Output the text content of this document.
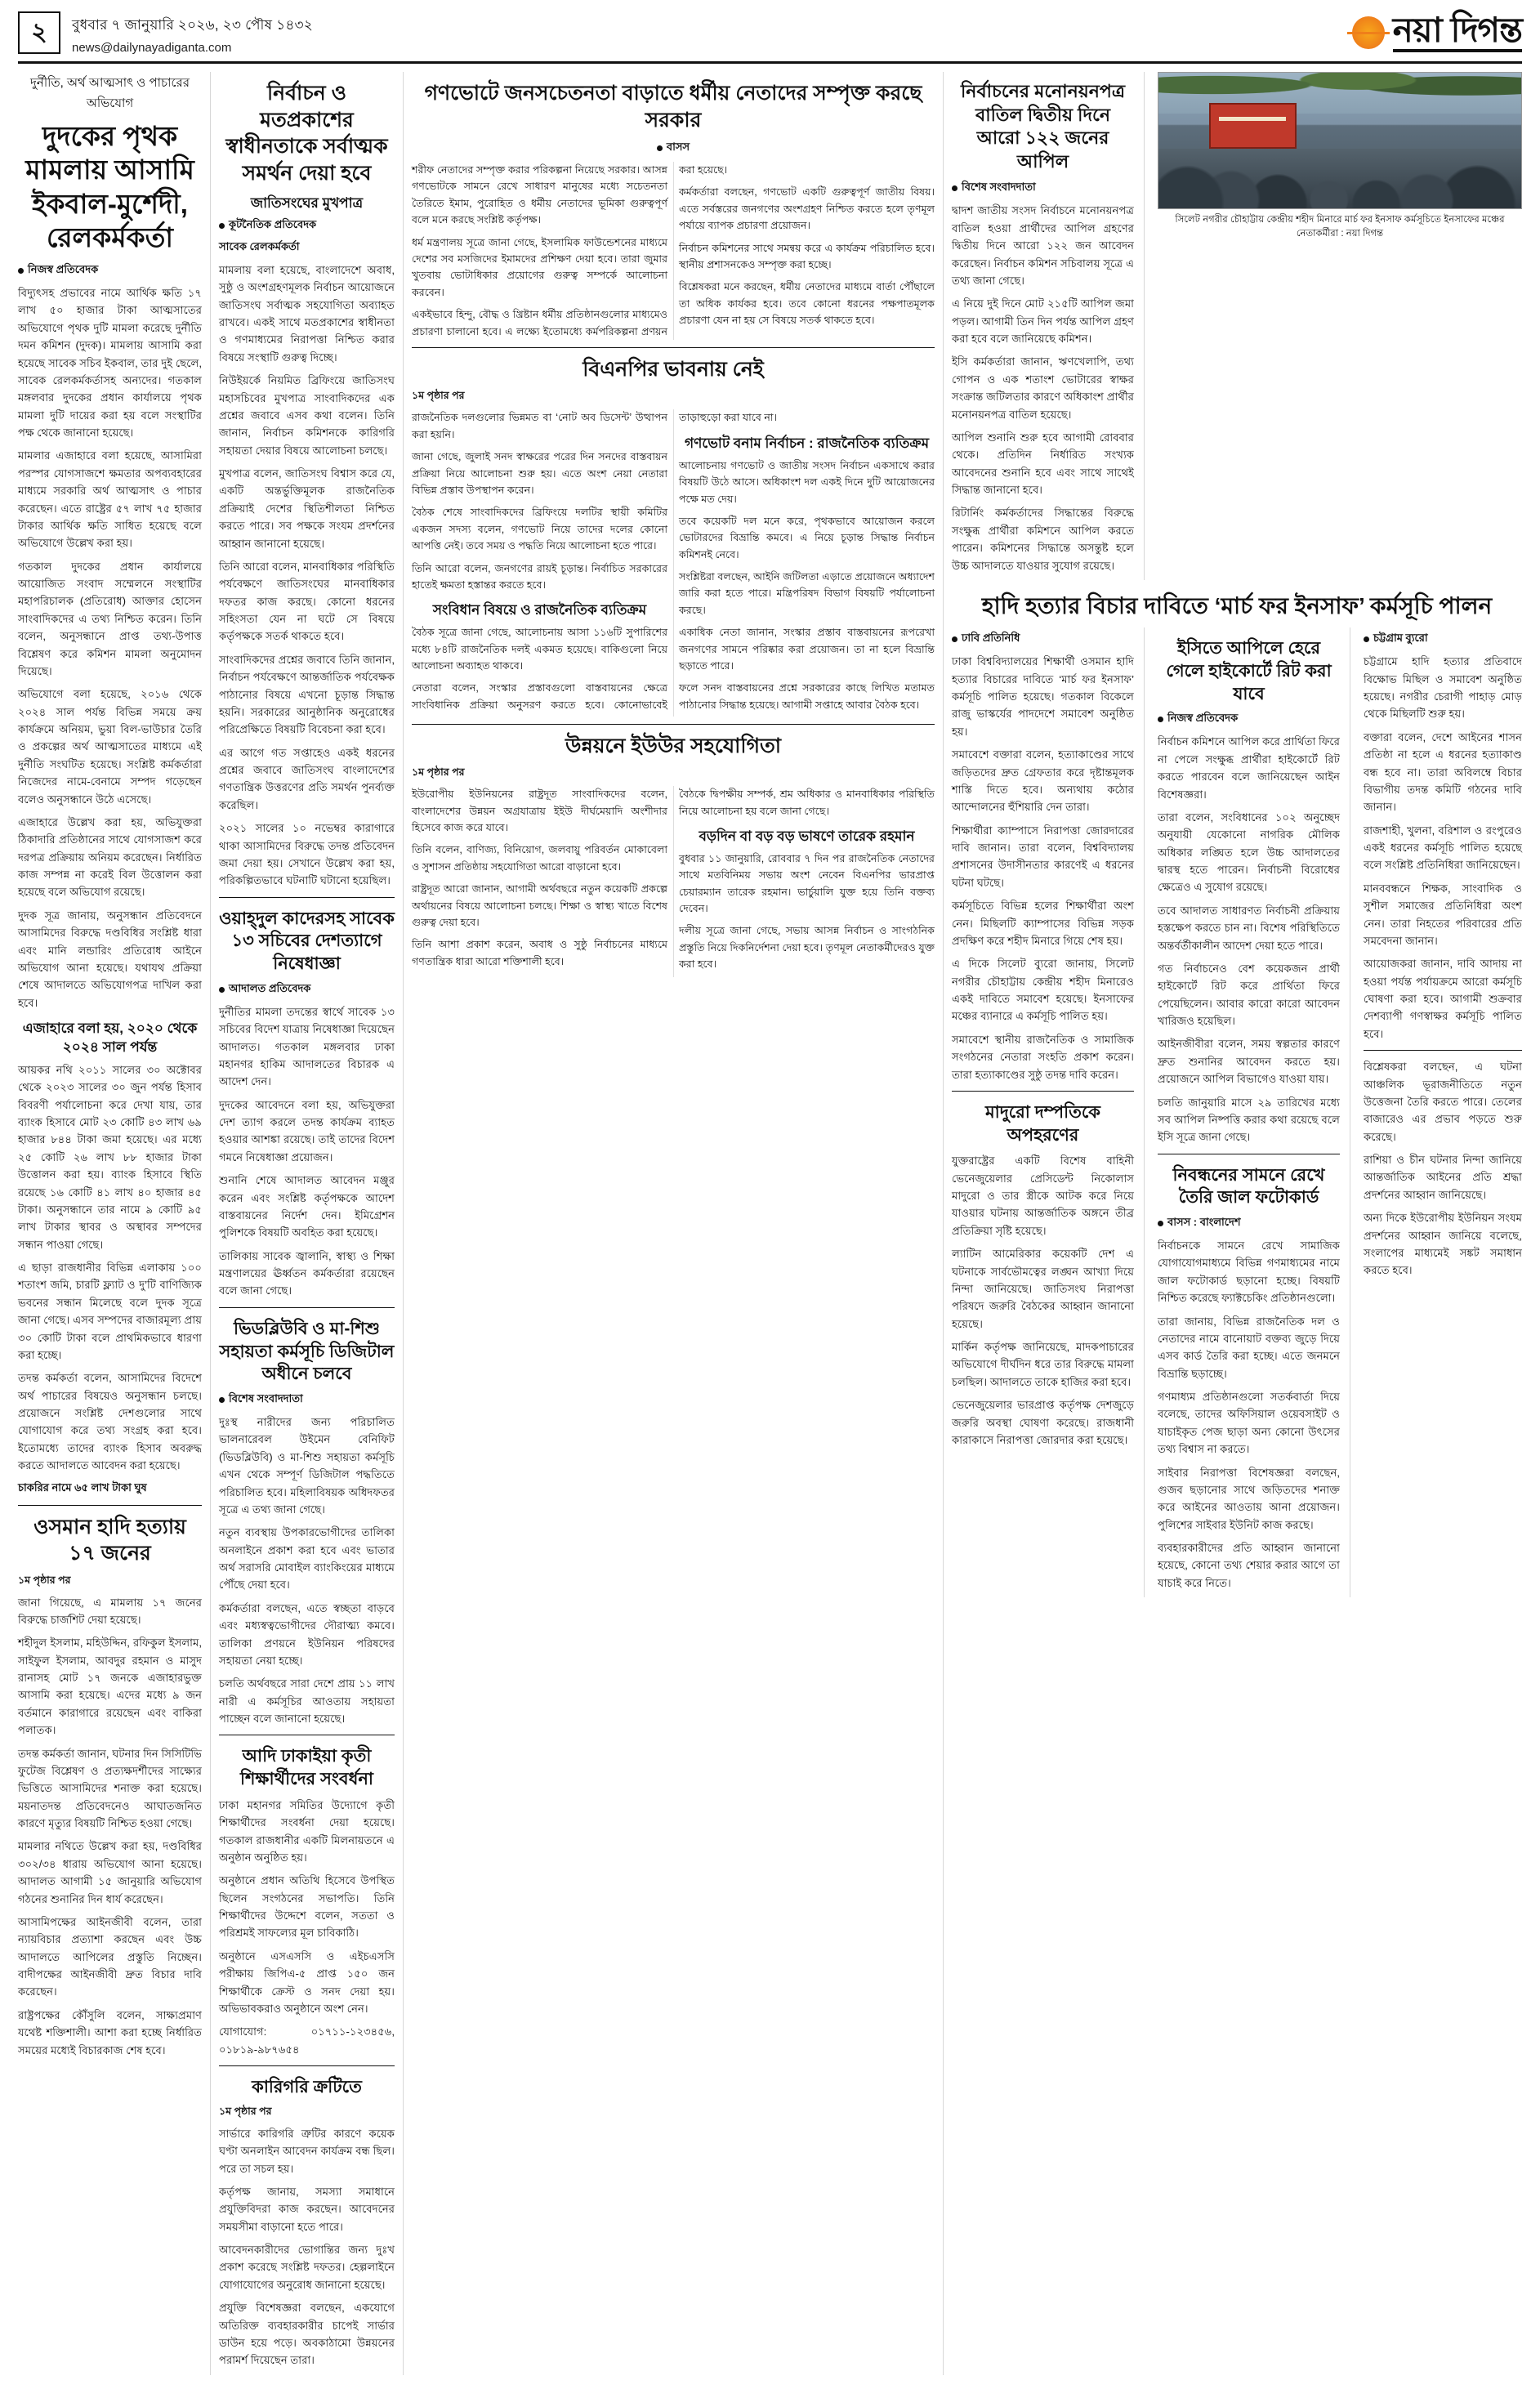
২	বুধবার ৭ জানুয়ারি ২০২৬, ২৩ পৌষ ১৪৩২
news@dailynayadiganta.com	নয়া দিগন্ত
দুর্নীতি, অর্থ আত্মসাৎ ও পাচারের অভিযোগ
দুদকের পৃথক মামলায় আসামি ইকবাল-মুর্শেদী, রেলকর্মকর্তা
নিজস্ব প্রতিবেদক

বিদ্যুৎসহ প্রভাবের নামে আর্থিক ক্ষতি ১৭ লাখ ৫০ হাজার টাকা আত্মসাতের অভিযোগে পৃথক দুটি মামলা করেছে দুর্নীতি দমন কমিশন (দুদক)। মামলায় আসামি করা হয়েছে সাবেক সচিব ইকবাল, তার দুই ছেলে, সাবেক রেলকর্মকর্তাসহ অন্যদের। গতকাল মঙ্গলবার দুদকের প্রধান কার্যালয়ে পৃথক মামলা দুটি দায়ের করা হয় বলে সংস্থাটির পক্ষ থেকে জানানো হয়েছে।

মামলার এজাহারে বলা হয়েছে, আসামিরা পরস্পর যোগসাজশে ক্ষমতার অপব্যবহারের মাধ্যমে সরকারি অর্থ আত্মসাৎ ও পাচার করেছেন। এতে রাষ্ট্রের ৫৭ লাখ ৭৫ হাজার টাকার আর্থিক ক্ষতি সাধিত হয়েছে বলে অভিযোগে উল্লেখ করা হয়।

গতকাল দুদকের প্রধান কার্যালয়ে আয়োজিত সংবাদ সম্মেলনে সংস্থাটির মহাপরিচালক (প্রতিরোধ) আক্তার হোসেন সাংবাদিকদের এ তথ্য নিশ্চিত করেন। তিনি বলেন, অনুসন্ধানে প্রাপ্ত তথ্য-উপাত্ত বিশ্লেষণ করে কমিশন মামলা অনুমোদন দিয়েছে।

অভিযোগে বলা হয়েছে, ২০১৬ থেকে ২০২৪ সাল পর্যন্ত বিভিন্ন সময়ে ক্রয় কার্যক্রমে অনিয়ম, ভুয়া বিল-ভাউচার তৈরি ও প্রকল্পের অর্থ আত্মসাতের মাধ্যমে এই দুর্নীতি সংঘটিত হয়েছে। সংশ্লিষ্ট কর্মকর্তারা নিজেদের নামে-বেনামে সম্পদ গড়েছেন বলেও অনুসন্ধানে উঠে এসেছে।

এজাহারে উল্লেখ করা হয়, অভিযুক্তরা ঠিকাদারি প্রতিষ্ঠানের সাথে যোগসাজশ করে দরপত্র প্রক্রিয়ায় অনিয়ম করেছেন। নির্ধারিত কাজ সম্পন্ন না করেই বিল উত্তোলন করা হয়েছে বলে অভিযোগ রয়েছে।

দুদক সূত্র জানায়, অনুসন্ধান প্রতিবেদনে আসামিদের বিরুদ্ধে দণ্ডবিধির সংশ্লিষ্ট ধারা এবং মানি লন্ডারিং প্রতিরোধ আইনে অভিযোগ আনা হয়েছে। যথাযথ প্রক্রিয়া শেষে আদালতে অভিযোগপত্র দাখিল করা হবে।

এজাহারে বলা হয়, ২০২০ থেকে ২০২৪ সাল পর্যন্ত

আয়কর নথি ২০১১ সালের ৩০ অক্টোবর থেকে ২০২৩ সালের ৩০ জুন পর্যন্ত হিসাব বিবরণী পর্যালোচনা করে দেখা যায়, তার ব্যাংক হিসাবে মোট ২৩ কোটি ৪৩ লাখ ৬৯ হাজার ৮৪৪ টাকা জমা হয়েছে। এর মধ্যে ২৫ কোটি ২৬ লাখ ৮৮ হাজার টাকা উত্তোলন করা হয়। ব্যাংক হিসাবে স্থিতি রয়েছে ১৬ কোটি ৪১ লাখ ৪০ হাজার ৪৫ টাকা। অনুসন্ধানে তার নামে ৯ কোটি ৯৫ লাখ টাকার স্থাবর ও অস্থাবর সম্পদের সন্ধান পাওয়া গেছে।

এ ছাড়া রাজধানীর বিভিন্ন এলাকায় ১০০ শতাংশ জমি, চারটি ফ্ল্যাট ও দু’টি বাণিজ্যিক ভবনের সন্ধান মিলেছে বলে দুদক সূত্রে জানা গেছে। এসব সম্পদের বাজারমূল্য প্রায় ৩০ কোটি টাকা বলে প্রাথমিকভাবে ধারণা করা হচ্ছে।

তদন্ত কর্মকর্তা বলেন, আসামিদের বিদেশে অর্থ পাচারের বিষয়েও অনুসন্ধান চলছে। প্রয়োজনে সংশ্লিষ্ট দেশগুলোর সাথে যোগাযোগ করে তথ্য সংগ্রহ করা হবে। ইতোমধ্যে তাদের ব্যাংক হিসাব অবরুদ্ধ করতে আদালতে আবেদন করা হয়েছে।

চাকরির নামে ৬৫ লাখ টাকা ঘুষ
ওসমান হাদি হত্যায় ১৭ জনের
১ম পৃষ্ঠার পর

জানা গিয়েছে, এ মামলায় ১৭ জনের বিরুদ্ধে চার্জশিট দেয়া হয়েছে।

শহীদুল ইসলাম, মহিউদ্দিন, রফিকুল ইসলাম, সাইফুল ইসলাম, আবদুর রহমান ও মাসুদ রানাসহ মোট ১৭ জনকে এজাহারভুক্ত আসামি করা হয়েছে। এদের মধ্যে ৯ জন বর্তমানে কারাগারে রয়েছেন এবং বাকিরা পলাতক।

তদন্ত কর্মকর্তা জানান, ঘটনার দিন সিসিটিভি ফুটেজ বিশ্লেষণ ও প্রত্যক্ষদর্শীদের সাক্ষ্যের ভিত্তিতে আসামিদের শনাক্ত করা হয়েছে। ময়নাতদন্ত প্রতিবেদনেও আঘাতজনিত কারণে মৃত্যুর বিষয়টি নিশ্চিত হওয়া গেছে।

মামলার নথিতে উল্লেখ করা হয়, দণ্ডবিধির ৩০২/৩৪ ধারায় অভিযোগ আনা হয়েছে। আদালত আগামী ১৫ জানুয়ারি অভিযোগ গঠনের শুনানির দিন ধার্য করেছেন।

আসামিপক্ষের আইনজীবী বলেন, তারা ন্যায়বিচার প্রত্যাশা করছেন এবং উচ্চ আদালতে আপিলের প্রস্তুতি নিচ্ছেন। বাদীপক্ষের আইনজীবী দ্রুত বিচার দাবি করেছেন।

রাষ্ট্রপক্ষের কৌঁসুলি বলেন, সাক্ষ্যপ্রমাণ যথেষ্ট শক্তিশালী। আশা করা হচ্ছে নির্ধারিত সময়ের মধ্যেই বিচারকাজ শেষ হবে।

নির্বাচন ও মতপ্রকাশের স্বাধীনতাকে সর্বাত্মক সমর্থন দেয়া হবে
জাতিসংঘের মুখপাত্র
কূটনৈতিক প্রতিবেদক
সাবেক রেলকর্মকর্তা

মামলায় বলা হয়েছে, বাংলাদেশে অবাধ, সুষ্ঠু ও অংশগ্রহণমূলক নির্বাচন আয়োজনে জাতিসংঘ সর্বাত্মক সহযোগিতা অব্যাহত রাখবে। একই সাথে মতপ্রকাশের স্বাধীনতা ও গণমাধ্যমের নিরাপত্তা নিশ্চিত করার বিষয়ে সংস্থাটি গুরুত্ব দিচ্ছে।

নিউইয়র্কে নিয়মিত ব্রিফিংয়ে জাতিসংঘ মহাসচিবের মুখপাত্র সাংবাদিকদের এক প্রশ্নের জবাবে এসব কথা বলেন। তিনি জানান, নির্বাচন কমিশনকে কারিগরি সহায়তা দেয়ার বিষয়ে আলোচনা চলছে।

মুখপাত্র বলেন, জাতিসংঘ বিশ্বাস করে যে, একটি অন্তর্ভুক্তিমূলক রাজনৈতিক প্রক্রিয়াই দেশের স্থিতিশীলতা নিশ্চিত করতে পারে। সব পক্ষকে সংযম প্রদর্শনের আহ্বান জানানো হয়েছে।

তিনি আরো বলেন, মানবাধিকার পরিস্থিতি পর্যবেক্ষণে জাতিসংঘের মানবাধিকার দফতর কাজ করছে। কোনো ধরনের সহিংসতা যেন না ঘটে সে বিষয়ে কর্তৃপক্ষকে সতর্ক থাকতে হবে।

সাংবাদিকদের প্রশ্নের জবাবে তিনি জানান, নির্বাচন পর্যবেক্ষণে আন্তর্জাতিক পর্যবেক্ষক পাঠানোর বিষয়ে এখনো চূড়ান্ত সিদ্ধান্ত হয়নি। সরকারের আনুষ্ঠানিক অনুরোধের পরিপ্রেক্ষিতে বিষয়টি বিবেচনা করা হবে।

এর আগে গত সপ্তাহেও একই ধরনের প্রশ্নের জবাবে জাতিসংঘ বাংলাদেশের গণতান্ত্রিক উত্তরণের প্রতি সমর্থন পুনর্ব্যক্ত করেছিল।

২০২১ সালের ১০ নভেম্বর কারাগারে থাকা আসামিদের বিরুদ্ধে তদন্ত প্রতিবেদন জমা দেয়া হয়। সেখানে উল্লেখ করা হয়, পরিকল্পিতভাবে ঘটনাটি ঘটানো হয়েছিল।

ওয়াহ্‌দুল কাদেরসহ সাবেক ১৩ সচিবের দেশত্যাগে নিষেধাজ্ঞা
আদালত প্রতিবেদক

দুর্নীতির মামলা তদন্তের স্বার্থে সাবেক ১৩ সচিবের বিদেশ যাত্রায় নিষেধাজ্ঞা দিয়েছেন আদালত। গতকাল মঙ্গলবার ঢাকা মহানগর হাকিম আদালতের বিচারক এ আদেশ দেন।

দুদকের আবেদনে বলা হয়, অভিযুক্তরা দেশ ত্যাগ করলে তদন্ত কার্যক্রম ব্যাহত হওয়ার আশঙ্কা রয়েছে। তাই তাদের বিদেশ গমনে নিষেধাজ্ঞা প্রয়োজন।

শুনানি শেষে আদালত আবেদন মঞ্জুর করেন এবং সংশ্লিষ্ট কর্তৃপক্ষকে আদেশ বাস্তবায়নের নির্দেশ দেন। ইমিগ্রেশন পুলিশকে বিষয়টি অবহিত করা হয়েছে।

তালিকায় সাবেক জ্বালানি, স্বাস্থ্য ও শিক্ষা মন্ত্রণালয়ের ঊর্ধ্বতন কর্মকর্তারা রয়েছেন বলে জানা গেছে।

ভিডব্লিউবি ও মা-শিশু সহায়তা কর্মসূচি ডিজিটাল অধীনে চলবে
বিশেষ সংবাদদাতা

দুঃস্থ নারীদের জন্য পরিচালিত ভালনারেবল উইমেন বেনিফিট (ভিডব্লিউবি) ও মা-শিশু সহায়তা কর্মসূচি এখন থেকে সম্পূর্ণ ডিজিটাল পদ্ধতিতে পরিচালিত হবে। মহিলাবিষয়ক অধিদফতর সূত্রে এ তথ্য জানা গেছে।

নতুন ব্যবস্থায় উপকারভোগীদের তালিকা অনলাইনে প্রকাশ করা হবে এবং ভাতার অর্থ সরাসরি মোবাইল ব্যাংকিংয়ের মাধ্যমে পৌঁছে দেয়া হবে।

কর্মকর্তারা বলছেন, এতে স্বচ্ছতা বাড়বে এবং মধ্যস্বত্বভোগীদের দৌরাত্ম্য কমবে। তালিকা প্রণয়নে ইউনিয়ন পরিষদের সহায়তা নেয়া হচ্ছে।

চলতি অর্থবছরে সারা দেশে প্রায় ১১ লাখ নারী এ কর্মসূচির আওতায় সহায়তা পাচ্ছেন বলে জানানো হয়েছে।

আদি ঢাকাইয়া কৃতী শিক্ষার্থীদের সংবর্ধনা

ঢাকা মহানগর সমিতির উদ্যোগে কৃতী শিক্ষার্থীদের সংবর্ধনা দেয়া হয়েছে। গতকাল রাজধানীর একটি মিলনায়তনে এ অনুষ্ঠান অনুষ্ঠিত হয়।

অনুষ্ঠানে প্রধান অতিথি হিসেবে উপস্থিত ছিলেন সংগঠনের সভাপতি। তিনি শিক্ষার্থীদের উদ্দেশে বলেন, সততা ও পরিশ্রমই সাফল্যের মূল চাবিকাঠি।

অনুষ্ঠানে এসএসসি ও এইচএসসি পরীক্ষায় জিপিএ-৫ প্রাপ্ত ১৫০ জন শিক্ষার্থীকে ক্রেস্ট ও সনদ দেয়া হয়। অভিভাবকরাও অনুষ্ঠানে অংশ নেন।

যোগাযোগ: ০১৭১১-১২৩৪৫৬, ০১৮১৯-৯৮৭৬৫৪

কারিগরি ক্রটিতে
১ম পৃষ্ঠার পর

সার্ভারে কারিগরি ত্রুটির কারণে কয়েক ঘণ্টা অনলাইন আবেদন কার্যক্রম বন্ধ ছিল। পরে তা সচল হয়।

কর্তৃপক্ষ জানায়, সমস্যা সমাধানে প্রযুক্তিবিদরা কাজ করছেন। আবেদনের সময়সীমা বাড়ানো হতে পারে।

আবেদনকারীদের ভোগান্তির জন্য দুঃখ প্রকাশ করেছে সংশ্লিষ্ট দফতর। হেল্পলাইনে যোগাযোগের অনুরোধ জানানো হয়েছে।

প্রযুক্তি বিশেষজ্ঞরা বলছেন, একযোগে অতিরিক্ত ব্যবহারকারীর চাপেই সার্ভার ডাউন হয়ে পড়ে। অবকাঠামো উন্নয়নের পরামর্শ দিয়েছেন তারা।

গণভোটে জনসচেতনতা বাড়াতে ধর্মীয় নেতাদের সম্পৃক্ত করছে সরকার
বাসস

শরীফ নেতাদের সম্পৃক্ত করার পরিকল্পনা নিয়েছে সরকার। আসন্ন গণভোটকে সামনে রেখে সাধারণ মানুষের মধ্যে সচেতনতা তৈরিতে ইমাম, পুরোহিত ও ধর্মীয় নেতাদের ভূমিকা গুরুত্বপূর্ণ বলে মনে করছে সংশ্লিষ্ট কর্তৃপক্ষ।

ধর্ম মন্ত্রণালয় সূত্রে জানা গেছে, ইসলামিক ফাউন্ডেশনের মাধ্যমে দেশের সব মসজিদের ইমামদের প্রশিক্ষণ দেয়া হবে। তারা জুমার খুতবায় ভোটাধিকার প্রয়োগের গুরুত্ব সম্পর্কে আলোচনা করবেন।

একইভাবে হিন্দু, বৌদ্ধ ও খ্রিষ্টান ধর্মীয় প্রতিষ্ঠানগুলোর মাধ্যমেও প্রচারণা চালানো হবে। এ লক্ষ্যে ইতোমধ্যে কর্মপরিকল্পনা প্রণয়ন করা হয়েছে।

কর্মকর্তারা বলছেন, গণভোট একটি গুরুত্বপূর্ণ জাতীয় বিষয়। এতে সর্বস্তরের জনগণের অংশগ্রহণ নিশ্চিত করতে হলে তৃণমূল পর্যায়ে ব্যাপক প্রচারণা প্রয়োজন।

নির্বাচন কমিশনের সাথে সমন্বয় করে এ কার্যক্রম পরিচালিত হবে। স্থানীয় প্রশাসনকেও সম্পৃক্ত করা হচ্ছে।

বিশ্লেষকরা মনে করছেন, ধর্মীয় নেতাদের মাধ্যমে বার্তা পৌঁছালে তা অধিক কার্যকর হবে। তবে কোনো ধরনের পক্ষপাতমূলক প্রচারণা যেন না হয় সে বিষয়ে সতর্ক থাকতে হবে।

বিএনপির ভাবনায় নেই
১ম পৃষ্ঠার পর

রাজনৈতিক দলগুলোর ভিন্নমত বা ‘নোট অব ডিসেন্ট’ উত্থাপন করা হয়নি।

জানা গেছে, জুলাই সনদ স্বাক্ষরের পরের দিন সনদের বাস্তবায়ন প্রক্রিয়া নিয়ে আলোচনা শুরু হয়। এতে অংশ নেয়া নেতারা বিভিন্ন প্রস্তাব উপস্থাপন করেন।

বৈঠক শেষে সাংবাদিকদের ব্রিফিংয়ে দলটির স্থায়ী কমিটির একজন সদস্য বলেন, গণভোট নিয়ে তাদের দলের কোনো আপত্তি নেই। তবে সময় ও পদ্ধতি নিয়ে আলোচনা হতে পারে।

তিনি আরো বলেন, জনগণের রায়ই চূড়ান্ত। নির্বাচিত সরকারের হাতেই ক্ষমতা হস্তান্তর করতে হবে।

সংবিধান বিষয়ে ও রাজনৈতিক ব্যতিক্রম

বৈঠক সূত্রে জানা গেছে, আলোচনায় আসা ১১৬টি সুপারিশের মধ্যে ৮৪টি রাজনৈতিক দলই একমত হয়েছে। বাকিগুলো নিয়ে আলোচনা অব্যাহত থাকবে।

নেতারা বলেন, সংস্কার প্রস্তাবগুলো বাস্তবায়নের ক্ষেত্রে সাংবিধানিক প্রক্রিয়া অনুসরণ করতে হবে। কোনোভাবেই তাড়াহুড়ো করা যাবে না।

গণভোট বনাম নির্বাচন : রাজনৈতিক ব্যতিক্রম

আলোচনায় গণভোট ও জাতীয় সংসদ নির্বাচন একসাথে করার বিষয়টি উঠে আসে। অধিকাংশ দল একই দিনে দুটি আয়োজনের পক্ষে মত দেয়।

তবে কয়েকটি দল মনে করে, পৃথকভাবে আয়োজন করলে ভোটারদের বিভ্রান্তি কমবে। এ নিয়ে চূড়ান্ত সিদ্ধান্ত নির্বাচন কমিশনই নেবে।

সংশ্লিষ্টরা বলছেন, আইনি জটিলতা এড়াতে প্রয়োজনে অধ্যাদেশ জারি করা হতে পারে। মন্ত্রিপরিষদ বিভাগ বিষয়টি পর্যালোচনা করছে।

একাধিক নেতা জানান, সংস্কার প্রস্তাব বাস্তবায়নের রূপরেখা জনগণের সামনে পরিষ্কার করা প্রয়োজন। তা না হলে বিভ্রান্তি ছড়াতে পারে।

ফলে সনদ বাস্তবায়নের প্রশ্নে সরকারের কাছে লিখিত মতামত পাঠানোর সিদ্ধান্ত হয়েছে। আগামী সপ্তাহে আবার বৈঠক হবে।

উন্নয়নে ইউউর সহযোগিতা
১ম পৃষ্ঠার পর

ইউরোপীয় ইউনিয়নের রাষ্ট্রদূত সাংবাদিকদের বলেন, বাংলাদেশের উন্নয়ন অগ্রযাত্রায় ইইউ দীর্ঘমেয়াদি অংশীদার হিসেবে কাজ করে যাবে।

তিনি বলেন, বাণিজ্য, বিনিয়োগ, জলবায়ু পরিবর্তন মোকাবেলা ও সুশাসন প্রতিষ্ঠায় সহযোগিতা আরো বাড়ানো হবে।

রাষ্ট্রদূত আরো জানান, আগামী অর্থবছরে নতুন কয়েকটি প্রকল্পে অর্থায়নের বিষয়ে আলোচনা চলছে। শিক্ষা ও স্বাস্থ্য খাতে বিশেষ গুরুত্ব দেয়া হবে।

তিনি আশা প্রকাশ করেন, অবাধ ও সুষ্ঠু নির্বাচনের মাধ্যমে গণতান্ত্রিক ধারা আরো শক্তিশালী হবে।

বৈঠকে দ্বিপক্ষীয় সম্পর্ক, শ্রম অধিকার ও মানবাধিকার পরিস্থিতি নিয়ে আলোচনা হয় বলে জানা গেছে।

বড়দিন বা বড় বড় ভাষণে তারেক রহমান

বুধবার ১১ জানুয়ারি, রোববার ৭ দিন পর রাজনৈতিক নেতাদের সাথে মতবিনিময় সভায় অংশ নেবেন বিএনপির ভারপ্রাপ্ত চেয়ারম্যান তারেক রহমান। ভার্চুয়ালি যুক্ত হয়ে তিনি বক্তব্য দেবেন।

দলীয় সূত্রে জানা গেছে, সভায় আসন্ন নির্বাচন ও সাংগঠনিক প্রস্তুতি নিয়ে দিকনির্দেশনা দেয়া হবে। তৃণমূল নেতাকর্মীদেরও যুক্ত করা হবে।

নির্বাচনের মনোনয়নপত্র বাতিল দ্বিতীয় দিনে আরো ১২২ জনের আপিল
বিশেষ সংবাদদাতা

দ্বাদশ জাতীয় সংসদ নির্বাচনে মনোনয়নপত্র বাতিল হওয়া প্রার্থীদের আপিল গ্রহণের দ্বিতীয় দিনে আরো ১২২ জন আবেদন করেছেন। নির্বাচন কমিশন সচিবালয় সূত্রে এ তথ্য জানা গেছে।

এ নিয়ে দুই দিনে মোট ২১৫টি আপিল জমা পড়ল। আগামী তিন দিন পর্যন্ত আপিল গ্রহণ করা হবে বলে জানিয়েছে কমিশন।

ইসি কর্মকর্তারা জানান, ঋণখেলাপি, তথ্য গোপন ও এক শতাংশ ভোটারের স্বাক্ষর সংক্রান্ত জটিলতার কারণে অধিকাংশ প্রার্থীর মনোনয়নপত্র বাতিল হয়েছে।

আপিল শুনানি শুরু হবে আগামী রোববার থেকে। প্রতিদিন নির্ধারিত সংখ্যক আবেদনের শুনানি হবে এবং সাথে সাথেই সিদ্ধান্ত জানানো হবে।

রিটার্নিং কর্মকর্তাদের সিদ্ধান্তের বিরুদ্ধে সংক্ষুব্ধ প্রার্থীরা কমিশনে আপিল করতে পারেন। কমিশনের সিদ্ধান্তে অসন্তুষ্ট হলে উচ্চ আদালতে যাওয়ার সুযোগ রয়েছে।

সিলেট নগরীর চৌহাট্টায় কেন্দ্রীয় শহীদ মিনারে মার্চ ফর ইনসাফ কর্মসূচিতে ইনসাফের মঞ্চের নেতাকর্মীরা : নয়া দিগন্ত
হাদি হত্যার বিচার দাবিতে ‘মার্চ ফর ইনসাফ’ কর্মসূচি পালন
ঢাবি প্রতিনিধি

ঢাকা বিশ্ববিদ্যালয়ের শিক্ষার্থী ওসমান হাদি হত্যার বিচারের দাবিতে ‘মার্চ ফর ইনসাফ’ কর্মসূচি পালিত হয়েছে। গতকাল বিকেলে রাজু ভাস্কর্যের পাদদেশে সমাবেশ অনুষ্ঠিত হয়।

সমাবেশে বক্তারা বলেন, হত্যাকাণ্ডের সাথে জড়িতদের দ্রুত গ্রেফতার করে দৃষ্টান্তমূলক শাস্তি দিতে হবে। অন্যথায় কঠোর আন্দোলনের হুঁশিয়ারি দেন তারা।

শিক্ষার্থীরা ক্যাম্পাসে নিরাপত্তা জোরদারের দাবি জানান। তারা বলেন, বিশ্ববিদ্যালয় প্রশাসনের উদাসীনতার কারণেই এ ধরনের ঘটনা ঘটছে।

কর্মসূচিতে বিভিন্ন হলের শিক্ষার্থীরা অংশ নেন। মিছিলটি ক্যাম্পাসের বিভিন্ন সড়ক প্রদক্ষিণ করে শহীদ মিনারে গিয়ে শেষ হয়।

এ দিকে সিলেট ব্যুরো জানায়, সিলেট নগরীর চৌহাট্টায় কেন্দ্রীয় শহীদ মিনারেও একই দাবিতে সমাবেশ হয়েছে। ইনসাফের মঞ্চের ব্যানারে এ কর্মসূচি পালিত হয়।

সমাবেশে স্থানীয় রাজনৈতিক ও সামাজিক সংগঠনের নেতারা সংহতি প্রকাশ করেন। তারা হত্যাকাণ্ডের সুষ্ঠু তদন্ত দাবি করেন।

মাদুরো দম্পতিকে অপহরণের

যুক্তরাষ্ট্রের একটি বিশেষ বাহিনী ভেনেজুয়েলার প্রেসিডেন্ট নিকোলাস মাদুরো ও তার স্ত্রীকে আটক করে নিয়ে যাওয়ার ঘটনায় আন্তর্জাতিক অঙ্গনে তীব্র প্রতিক্রিয়া সৃষ্টি হয়েছে।

ল্যাটিন আমেরিকার কয়েকটি দেশ এ ঘটনাকে সার্বভৌমত্বের লঙ্ঘন আখ্যা দিয়ে নিন্দা জানিয়েছে। জাতিসংঘ নিরাপত্তা পরিষদে জরুরি বৈঠকের আহ্বান জানানো হয়েছে।

মার্কিন কর্তৃপক্ষ জানিয়েছে, মাদকপাচারের অভিযোগে দীর্ঘদিন ধরে তার বিরুদ্ধে মামলা চলছিল। আদালতে তাকে হাজির করা হবে।

ভেনেজুয়েলার ভারপ্রাপ্ত কর্তৃপক্ষ দেশজুড়ে জরুরি অবস্থা ঘোষণা করেছে। রাজধানী কারাকাসে নিরাপত্তা জোরদার করা হয়েছে।

ইসিতে আপিলে হেরে গেলে হাইকোর্টে রিট করা যাবে
নিজস্ব প্রতিবেদক

নির্বাচন কমিশনে আপিল করে প্রার্থিতা ফিরে না পেলে সংক্ষুব্ধ প্রার্থীরা হাইকোর্টে রিট করতে পারবেন বলে জানিয়েছেন আইন বিশেষজ্ঞরা।

তারা বলেন, সংবিধানের ১০২ অনুচ্ছেদ অনুযায়ী যেকোনো নাগরিক মৌলিক অধিকার লঙ্ঘিত হলে উচ্চ আদালতের দ্বারস্থ হতে পারেন। নির্বাচনী বিরোধের ক্ষেত্রেও এ সুযোগ রয়েছে।

তবে আদালত সাধারণত নির্বাচনী প্রক্রিয়ায় হস্তক্ষেপ করতে চান না। বিশেষ পরিস্থিতিতে অন্তর্বর্তীকালীন আদেশ দেয়া হতে পারে।

গত নির্বাচনেও বেশ কয়েকজন প্রার্থী হাইকোর্টে রিট করে প্রার্থিতা ফিরে পেয়েছিলেন। আবার কারো কারো আবেদন খারিজও হয়েছিল।

আইনজীবীরা বলেন, সময় স্বল্পতার কারণে দ্রুত শুনানির আবেদন করতে হয়। প্রয়োজনে আপিল বিভাগেও যাওয়া যায়।

চলতি জানুয়ারি মাসে ২৯ তারিখের মধ্যে সব আপিল নিষ্পত্তি করার কথা রয়েছে বলে ইসি সূত্রে জানা গেছে।

নিবন্ধনের সামনে রেখে তৈরি জাল ফটোকার্ড
বাসস : বাংলাদেশ

নির্বাচনকে সামনে রেখে সামাজিক যোগাযোগমাধ্যমে বিভিন্ন গণমাধ্যমের নামে জাল ফটোকার্ড ছড়ানো হচ্ছে। বিষয়টি নিশ্চিত করেছে ফ্যাক্টচেকিং প্রতিষ্ঠানগুলো।

তারা জানায়, বিভিন্ন রাজনৈতিক দল ও নেতাদের নামে বানোয়াট বক্তব্য জুড়ে দিয়ে এসব কার্ড তৈরি করা হচ্ছে। এতে জনমনে বিভ্রান্তি ছড়াচ্ছে।

গণমাধ্যম প্রতিষ্ঠানগুলো সতর্কবার্তা দিয়ে বলেছে, তাদের অফিসিয়াল ওয়েবসাইট ও যাচাইকৃত পেজ ছাড়া অন্য কোনো উৎসের তথ্য বিশ্বাস না করতে।

সাইবার নিরাপত্তা বিশেষজ্ঞরা বলছেন, গুজব ছড়ানোর সাথে জড়িতদের শনাক্ত করে আইনের আওতায় আনা প্রয়োজন। পুলিশের সাইবার ইউনিট কাজ করছে।

ব্যবহারকারীদের প্রতি আহ্বান জানানো হয়েছে, কোনো তথ্য শেয়ার করার আগে তা যাচাই করে নিতে।

চট্টগ্রাম ব্যুরো

চট্টগ্রামে হাদি হত্যার প্রতিবাদে বিক্ষোভ মিছিল ও সমাবেশ অনুষ্ঠিত হয়েছে। নগরীর চেরাগী পাহাড় মোড় থেকে মিছিলটি শুরু হয়।

বক্তারা বলেন, দেশে আইনের শাসন প্রতিষ্ঠা না হলে এ ধরনের হত্যাকাণ্ড বন্ধ হবে না। তারা অবিলম্বে বিচার বিভাগীয় তদন্ত কমিটি গঠনের দাবি জানান।

রাজশাহী, খুলনা, বরিশাল ও রংপুরেও একই ধরনের কর্মসূচি পালিত হয়েছে বলে সংশ্লিষ্ট প্রতিনিধিরা জানিয়েছেন।

মানববন্ধনে শিক্ষক, সাংবাদিক ও সুশীল সমাজের প্রতিনিধিরা অংশ নেন। তারা নিহতের পরিবারের প্রতি সমবেদনা জানান।

আয়োজকরা জানান, দাবি আদায় না হওয়া পর্যন্ত পর্যায়ক্রমে আরো কর্মসূচি ঘোষণা করা হবে। আগামী শুক্রবার দেশব্যাপী গণস্বাক্ষর কর্মসূচি পালিত হবে।

বিশ্লেষকরা বলছেন, এ ঘটনা আঞ্চলিক ভূরাজনীতিতে নতুন উত্তেজনা তৈরি করতে পারে। তেলের বাজারেও এর প্রভাব পড়তে শুরু করেছে।

রাশিয়া ও চীন ঘটনার নিন্দা জানিয়ে আন্তর্জাতিক আইনের প্রতি শ্রদ্ধা প্রদর্শনের আহ্বান জানিয়েছে।

অন্য দিকে ইউরোপীয় ইউনিয়ন সংযম প্রদর্শনের আহ্বান জানিয়ে বলেছে, সংলাপের মাধ্যমেই সঙ্কট সমাধান করতে হবে।
